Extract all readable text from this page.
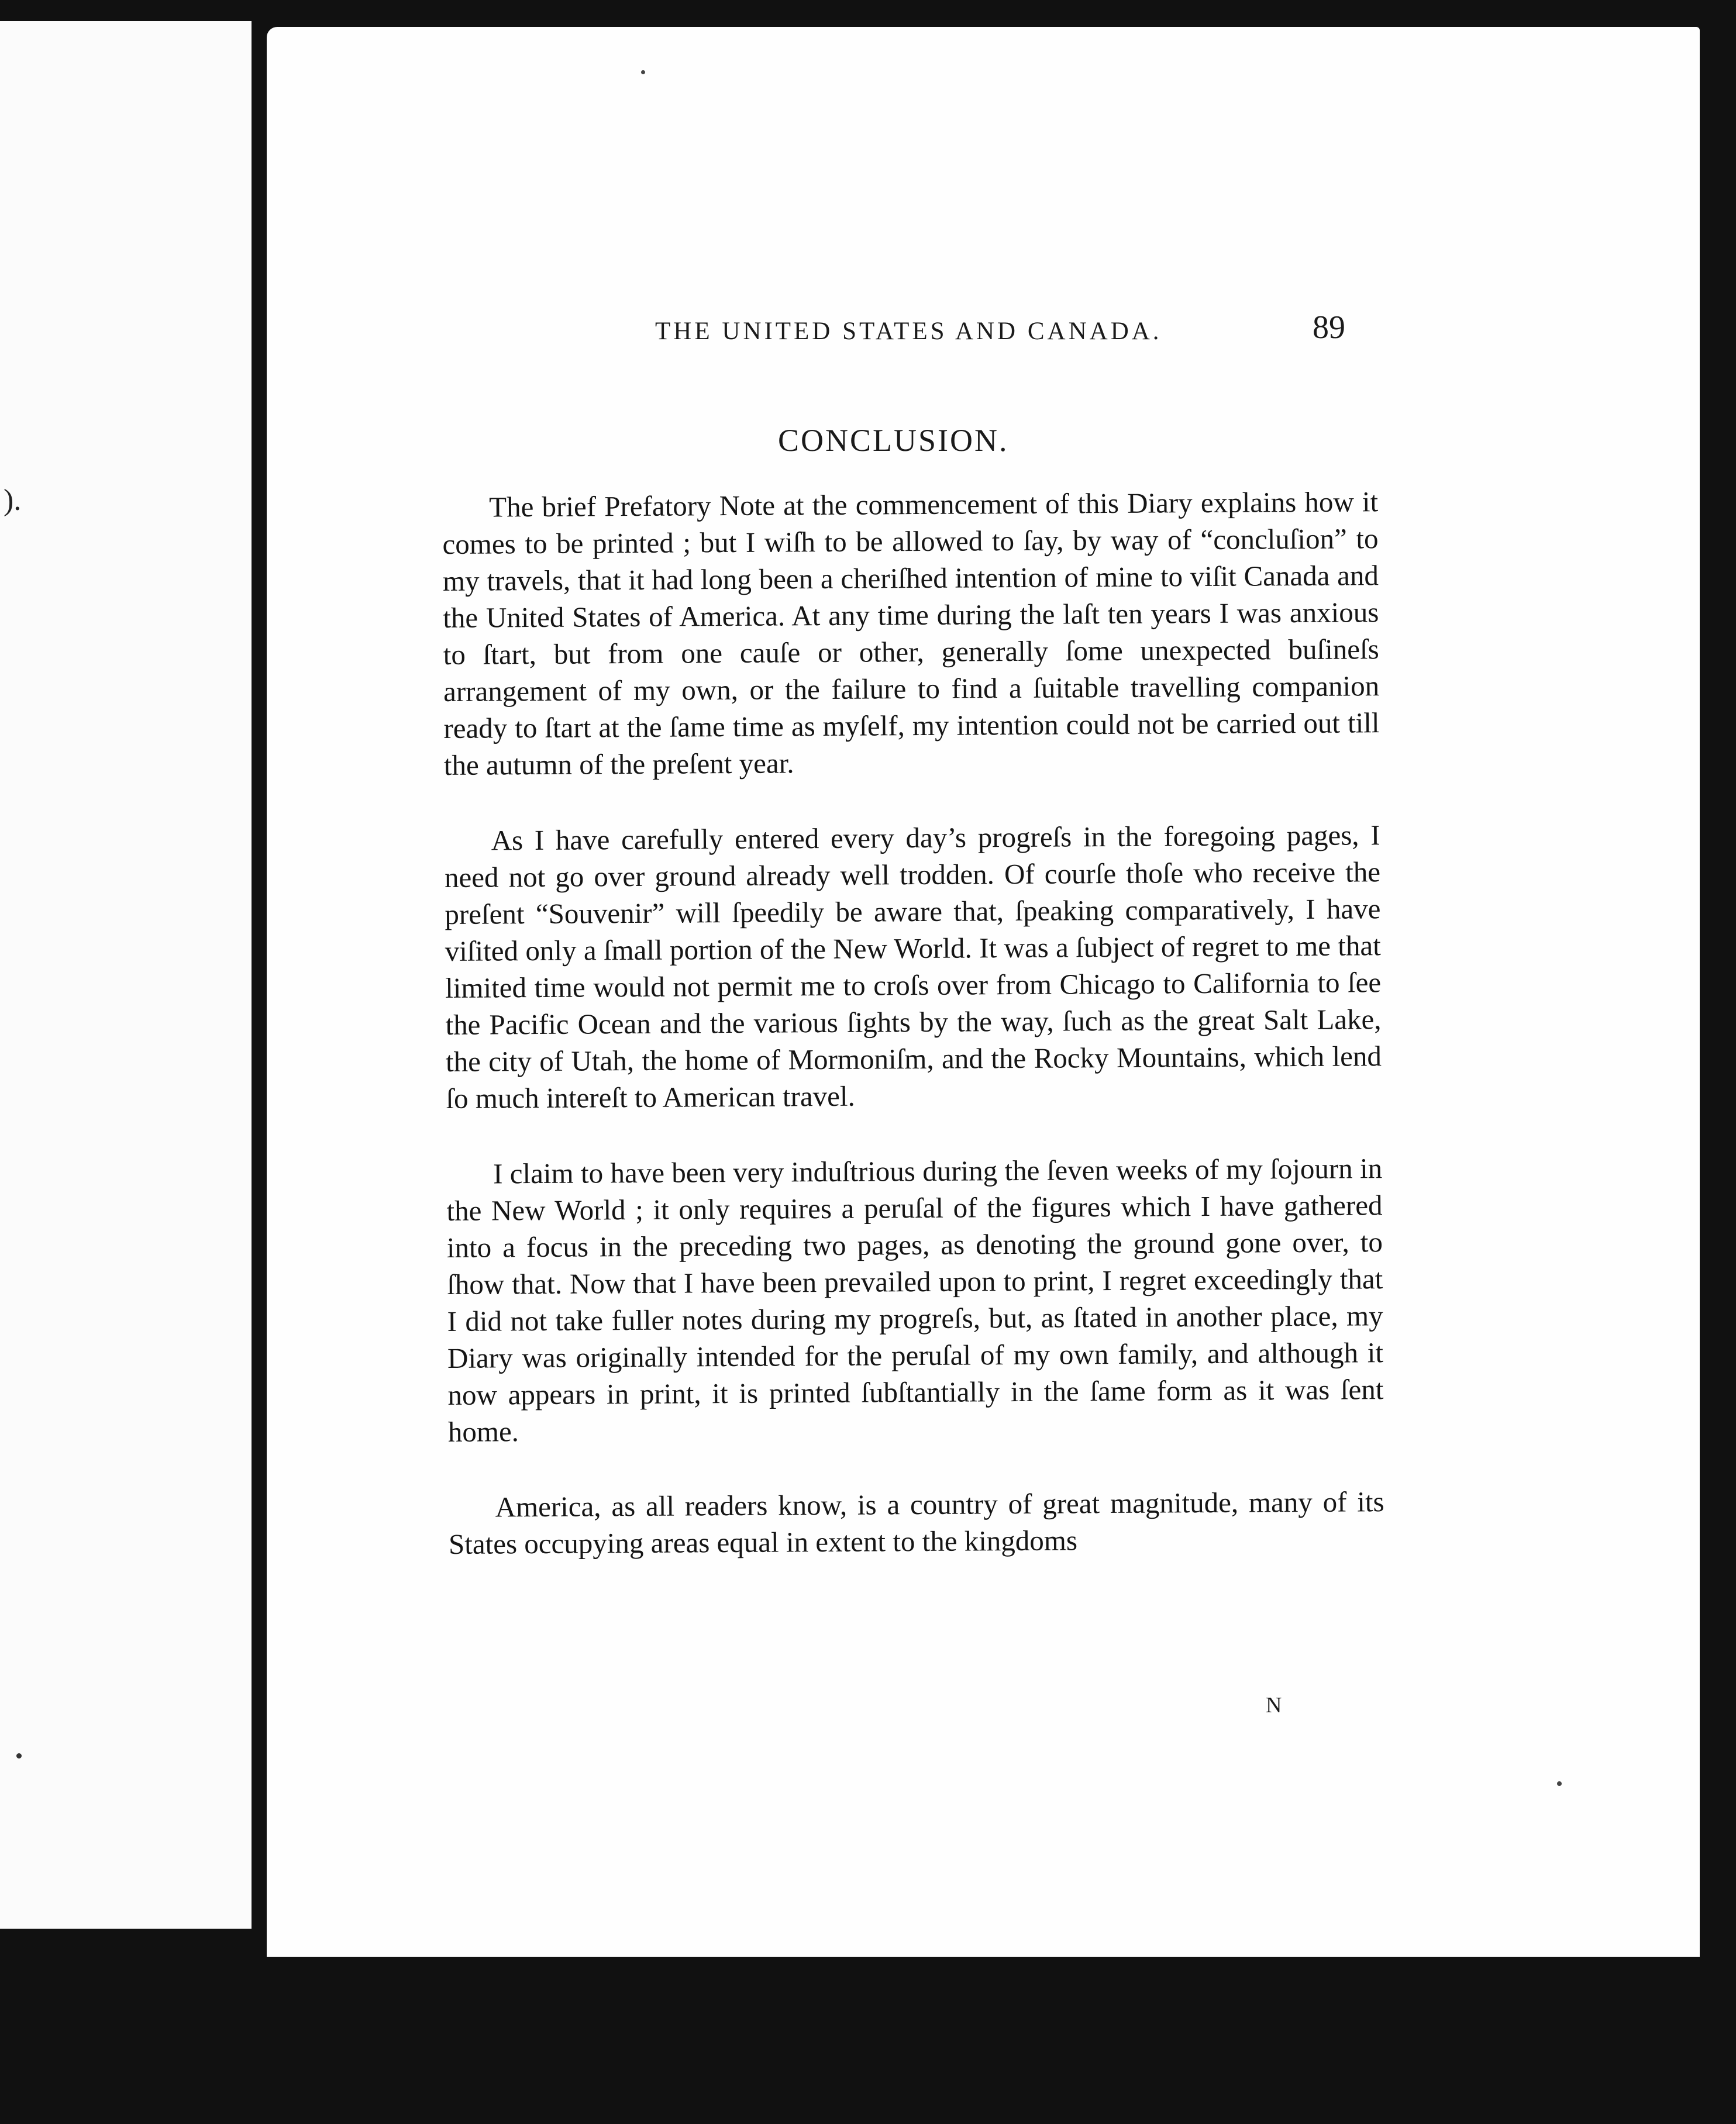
).
THE UNITED STATES AND CANADA.	89
CONCLUSION.

The brief Prefatory Note at the commencement of this Diary explains how it comes to be printed ; but I wiſh to be allowed to ſay, by way of “concluſion” to my travels, that it had long been a cheriſhed intention of mine to viſit Canada and the United States of America. At any time during the laſt ten years I was anxious to ſtart, but from one cauſe or other, generally ſome unexpected buſineſs arrangement of my own, or the failure to find a ſuitable travelling companion ready to ſtart at the ſame time as myſelf, my intention could not be carried out till the autumn of the preſent year.

As I have carefully entered every day’s progreſs in the foregoing pages, I need not go over ground already well trodden. Of courſe thoſe who receive the preſent “Souvenir” will ſpeedily be aware that, ſpeaking comparatively, I have viſited only a ſmall portion of the New World. It was a ſubject of regret to me that limited time would not permit me to croſs over from Chicago to California to ſee the Pacific Ocean and the various ſights by the way, ſuch as the great Salt Lake, the city of Utah, the home of Mormoniſm, and the Rocky Mountains, which lend ſo much intereſt to American travel.

I claim to have been very induſtrious during the ſeven weeks of my ſojourn in the New World ; it only requires a peruſal of the figures which I have gathered into a focus in the preceding two pages, as denoting the ground gone over, to ſhow that. Now that I have been prevailed upon to print, I regret exceedingly that I did not take fuller notes during my progreſs, but, as ſtated in another place, my Diary was originally intended for the peruſal of my own family, and although it now appears in print, it is printed ſubſtantially in the ſame form as it was ſent home.

America, as all readers know, is a country of great magnitude, many of its States occupying areas equal in extent to the kingdoms

N
